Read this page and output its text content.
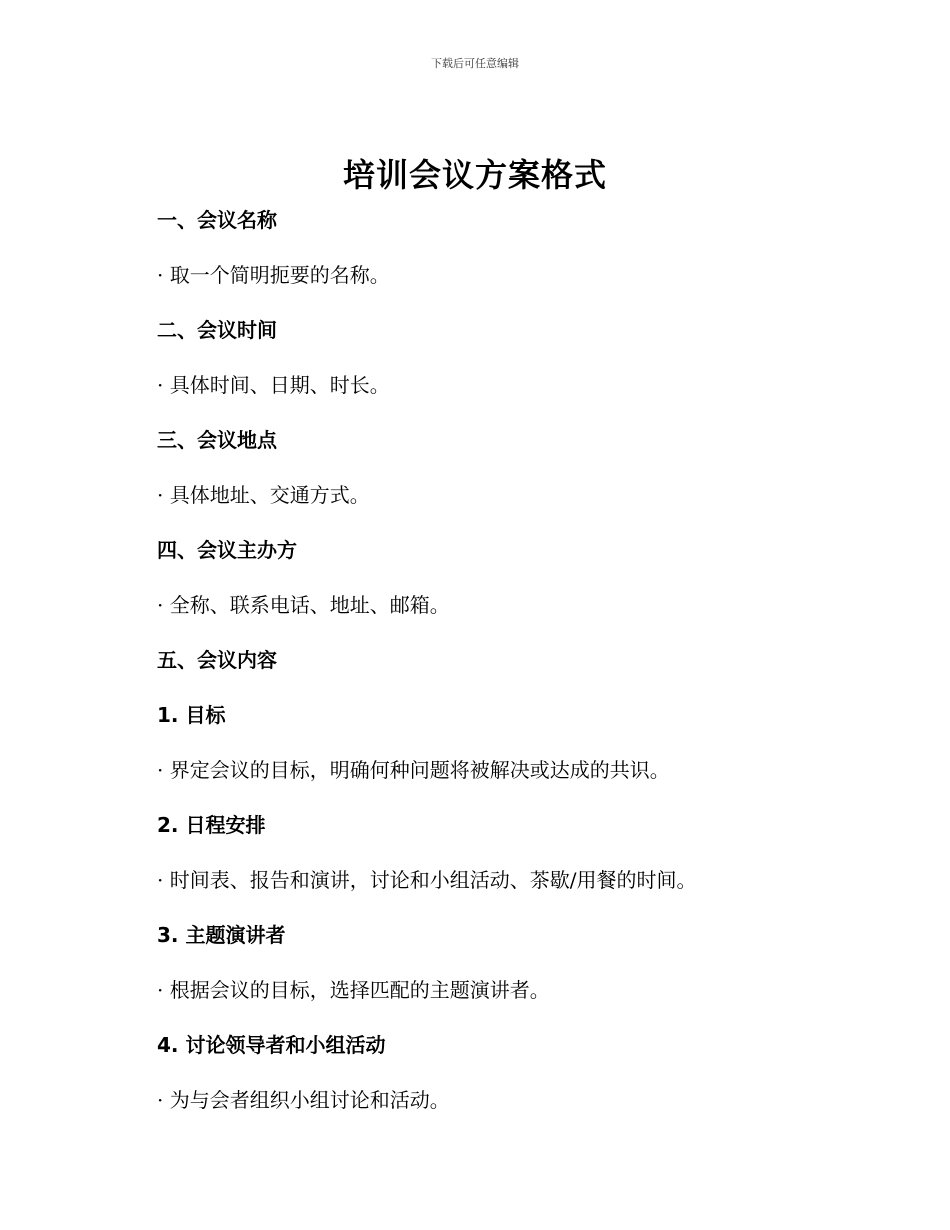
下载后可任意编辑
培训会议方案格式
一、会议名称
· 取一个简明扼要的名称。
二、会议时间
· 具体时间、日期、时长。
三、会议地点
· 具体地址、交通方式。
四、会议主办方
· 全称、联系电话、地址、邮箱。
五、会议内容
1. 目标
· 界定会议的目标，明确何种问题将被解决或达成的共识。
2. 日程安排
· 时间表、报告和演讲，讨论和小组活动、茶歇/用餐的时间。
3. 主题演讲者
· 根据会议的目标，选择匹配的主题演讲者。
4. 讨论领导者和小组活动
· 为与会者组织小组讨论和活动。
